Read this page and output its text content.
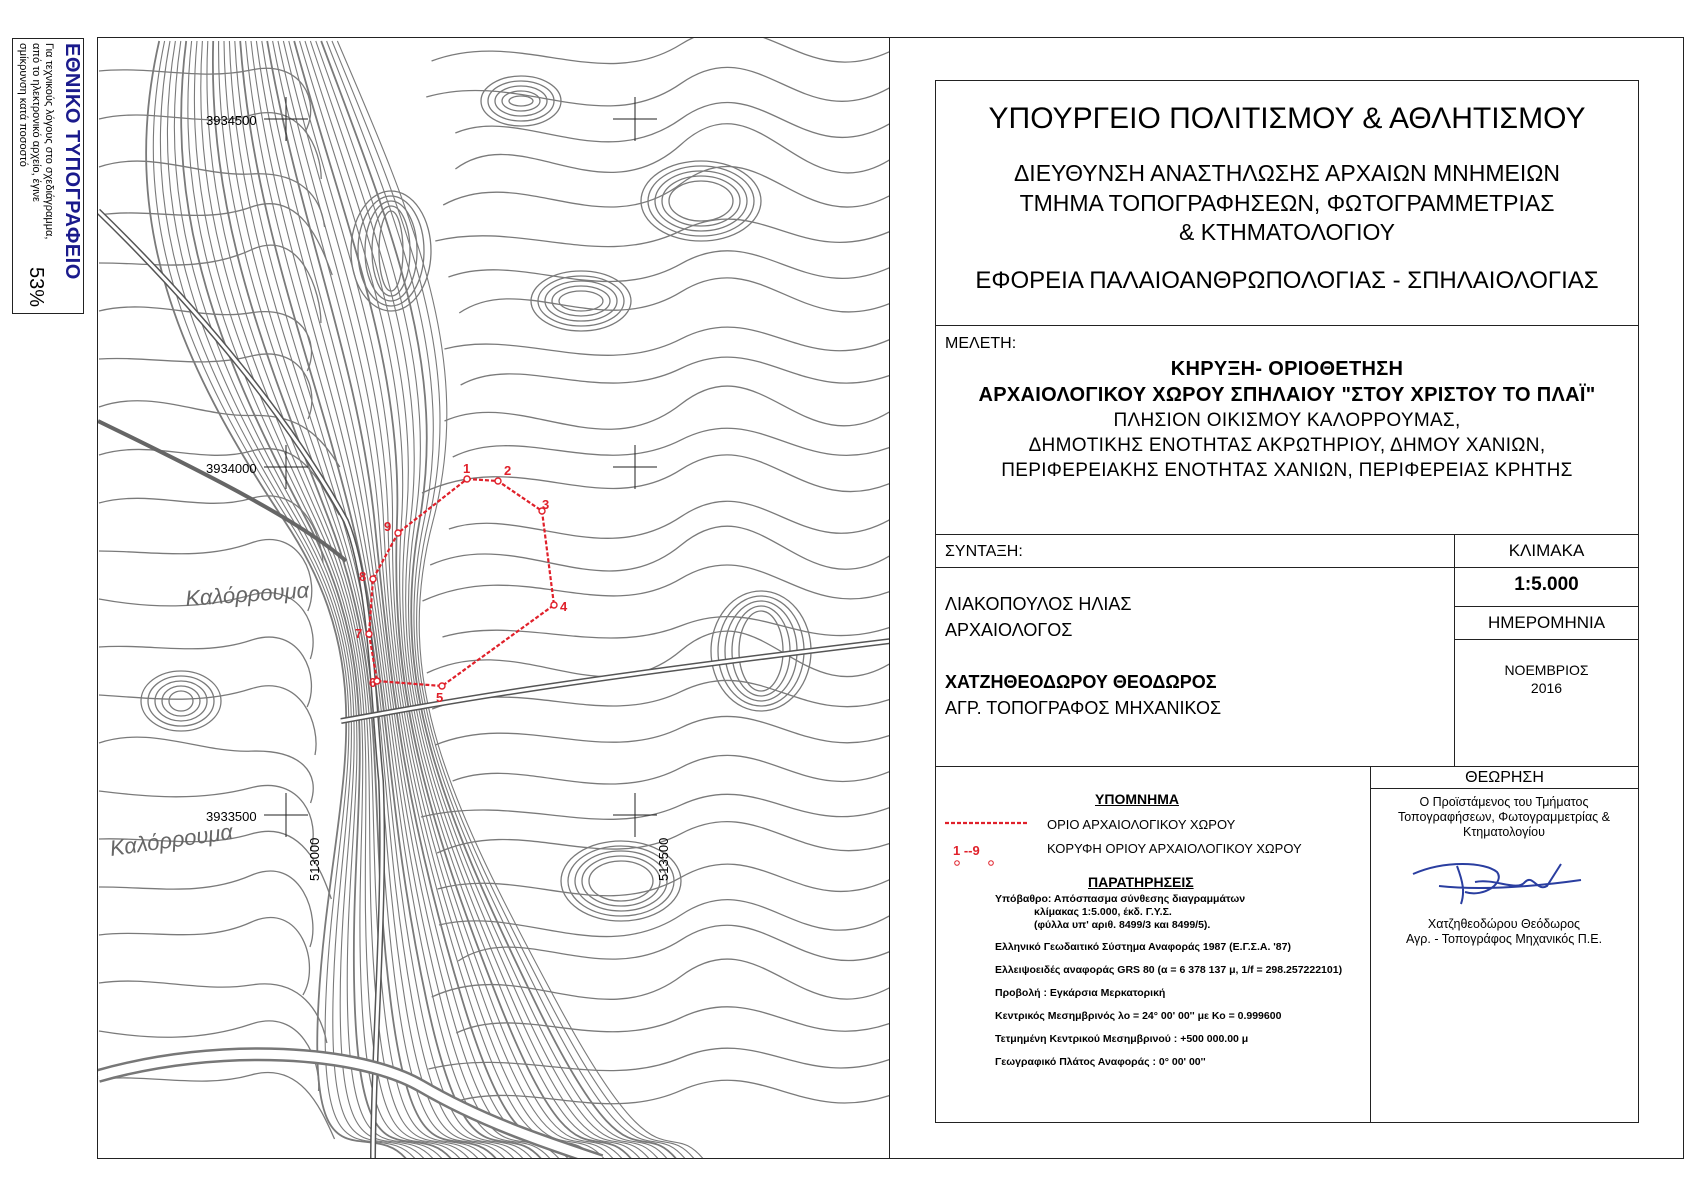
ΕΘΝΙΚΟ ΤΥΠΟΓΡΑΦΕΙΟ
Για τεχνικούς λόγους στο σχεδιάγραμμα,
από το ηλεκτρονικό αρχείο, έγινε
σμίκρυνση κατά ποσοστό
53%
3934500
3934000
3933500
513000	513500
Καλόρρουμα
Καλόρρουμα
1	2
3
4
5
6
7
8
9
ΥΠΟΥΡΓΕΙΟ ΠΟΛΙΤΙΣΜΟΥ & ΑΘΛΗΤΙΣΜΟΥ
ΔΙΕΥΘΥΝΣΗ ΑΝΑΣΤΗΛΩΣΗΣ ΑΡΧΑΙΩΝ ΜΝΗΜΕΙΩΝ
ΤΜΗΜΑ ΤΟΠΟΓΡΑΦΗΣΕΩΝ, ΦΩΤΟΓΡΑΜΜΕΤΡΙΑΣ
& ΚΤΗΜΑΤΟΛΟΓΙΟΥ
ΕΦΟΡΕΙΑ ΠΑΛΑΙΟΑΝΘΡΩΠΟΛΟΓΙΑΣ - ΣΠΗΛΑΙΟΛΟΓΙΑΣ
ΜΕΛΕΤΗ:
ΚΗΡΥΞΗ- ΟΡΙΟΘΕΤΗΣΗ
ΑΡΧΑΙΟΛΟΓΙΚΟΥ ΧΩΡΟΥ ΣΠΗΛΑΙΟΥ "ΣΤΟΥ ΧΡΙΣΤΟΥ ΤΟ ΠΛΑΪ"
ΠΛΗΣΙΟΝ ΟΙΚΙΣΜΟΥ ΚΑΛΟΡΡΟΥΜΑΣ,
ΔΗΜΟΤΙΚΗΣ ΕΝΟΤΗΤΑΣ ΑΚΡΩΤΗΡΙΟΥ, ΔΗΜΟΥ ΧΑΝΙΩΝ,
ΠΕΡΙΦΕΡΕΙΑΚΗΣ ΕΝΟΤΗΤΑΣ ΧΑΝΙΩΝ, ΠΕΡΙΦΕΡΕΙΑΣ ΚΡΗΤΗΣ
ΣΥΝΤΑΞΗ:
ΛΙΑΚΟΠΟΥΛΟΣ ΗΛΙΑΣ
ΑΡΧΑΙΟΛΟΓΟΣ
ΧΑΤΖΗΘΕΟΔΩΡΟΥ ΘΕΟΔΩΡΟΣ
ΑΓΡ. ΤΟΠΟΓΡΑΦΟΣ ΜΗΧΑΝΙΚΟΣ
ΚΛΙΜΑΚΑ
1:5.000
ΗΜΕΡΟΜΗΝΙΑ
ΝΟΕΜΒΡΙΟΣ
2016
ΥΠΟΜΝΗΜΑ
1 --9
ΟΡΙΟ ΑΡΧΑΙΟΛΟΓΙΚΟΥ ΧΩΡΟΥ
ΚΟΡΥΦΗ ΟΡΙΟΥ ΑΡΧΑΙΟΛΟΓΙΚΟΥ ΧΩΡΟΥ
ΠΑΡΑΤΗΡΗΣΕΙΣ
Υπόβαθρο: Απόσπασμα σύνθεσης διαγραμμάτων
κλίμακας 1:5.000, έκδ. Γ.Υ.Σ.
(φύλλα υπ' αριθ. 8499/3 και 8499/5).
Ελληνικό Γεωδαιτικό Σύστημα Αναφοράς 1987 (Ε.Γ.Σ.Α. '87)
Ελλειψοειδές αναφοράς GRS 80 (α = 6 378 137 μ, 1/f = 298.257222101)
Προβολή : Εγκάρσια Μερκατορική
Κεντρικός Μεσημβρινός λο = 24° 00' 00'' με Κο = 0.999600
Τετμημένη Κεντρικού Μεσημβρινού : +500 000.00 μ
Γεωγραφικό Πλάτος Αναφοράς : 0° 00' 00''
ΘΕΩΡΗΣΗ
Ο Προϊστάμενος του Τμήματος
Τοπογραφήσεων, Φωτογραμμετρίας &
Κτηματολογίου
Χατζηθεοδώρου Θεόδωρος
Αγρ. - Τοπογράφος Μηχανικός Π.Ε.
